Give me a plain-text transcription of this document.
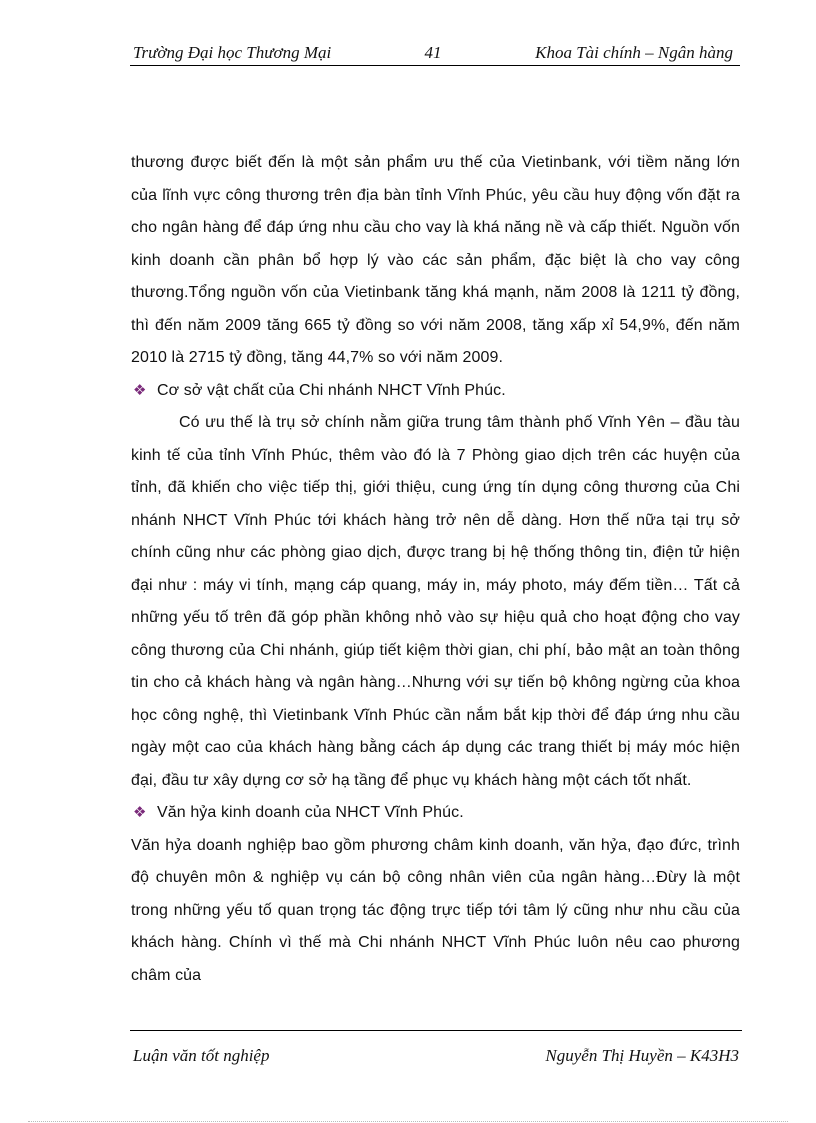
Trường Đại học Thương Mại	41	Khoa Tài chính – Ngân hàng

thương được biết đến là một sản phẩm ưu thế của Vietinbank, với tiềm năng lớn của lĩnh vực công thương trên địa bàn tỉnh Vĩnh Phúc, yêu cầu huy động vốn đặt ra cho ngân hàng để đáp ứng nhu cầu cho vay là khá năng nề và cấp thiết. Nguồn vốn kinh doanh cần phân bổ hợp lý vào các sản phẩm, đặc biệt là cho vay công thương.Tổng nguồn vốn của Vietinbank tăng khá mạnh, năm 2008 là 1211 tỷ đồng, thì đến năm 2009 tăng 665 tỷ đồng so với năm 2008, tăng xấp xỉ 54,9%, đến năm 2010 là 2715 tỷ đồng, tăng 44,7% so với năm 2009.

❖ Cơ sở vật chất của Chi nhánh NHCT Vĩnh Phúc.

Có ưu thế là trụ sở chính nằm giữa trung tâm thành phố Vĩnh Yên – đầu tàu kinh tế của tỉnh Vĩnh Phúc, thêm vào đó là 7 Phòng giao dịch trên các huyện của tỉnh, đã khiến cho việc tiếp thị, giới thiệu, cung ứng tín dụng công thương của Chi nhánh NHCT Vĩnh Phúc tới khách hàng trở nên dễ dàng. Hơn thế nữa tại trụ sở chính cũng như các phòng giao dịch, được trang bị hệ thống thông tin, điện tử hiện đại như : máy vi tính, mạng cáp quang, máy in, máy photo, máy đếm tiền… Tất cả những yếu tố trên đã góp phần không nhỏ vào sự hiệu quả cho hoạt động cho vay công thương của Chi nhánh, giúp tiết kiệm thời gian, chi phí, bảo mật an toàn thông tin cho cả khách hàng và ngân hàng…Nhưng với sự tiến bộ không ngừng của khoa học công nghệ, thì Vietinbank Vĩnh Phúc cần nắm bắt kịp thời để đáp ứng nhu cầu ngày một cao của khách hàng bằng cách áp dụng các trang thiết bị máy móc hiện đại, đầu tư xây dựng cơ sở hạ tầng để phục vụ khách hàng một cách tốt nhất.

❖ Văn hỷa kinh doanh của NHCT Vĩnh Phúc.

Văn hỷa doanh nghiệp bao gồm phương châm kinh doanh, văn hỷa, đạo đức, trình độ chuyên môn & nghiệp vụ cán bộ công nhân viên của ngân hàng…Đừy là một trong những yếu tố quan trọng tác động trực tiếp tới tâm lý cũng như nhu cầu của khách hàng. Chính vì thế mà Chi nhánh NHCT Vĩnh Phúc luôn nêu cao phương châm của

Luận văn tốt nghiệp	Nguyễn Thị Huyền – K43H3
